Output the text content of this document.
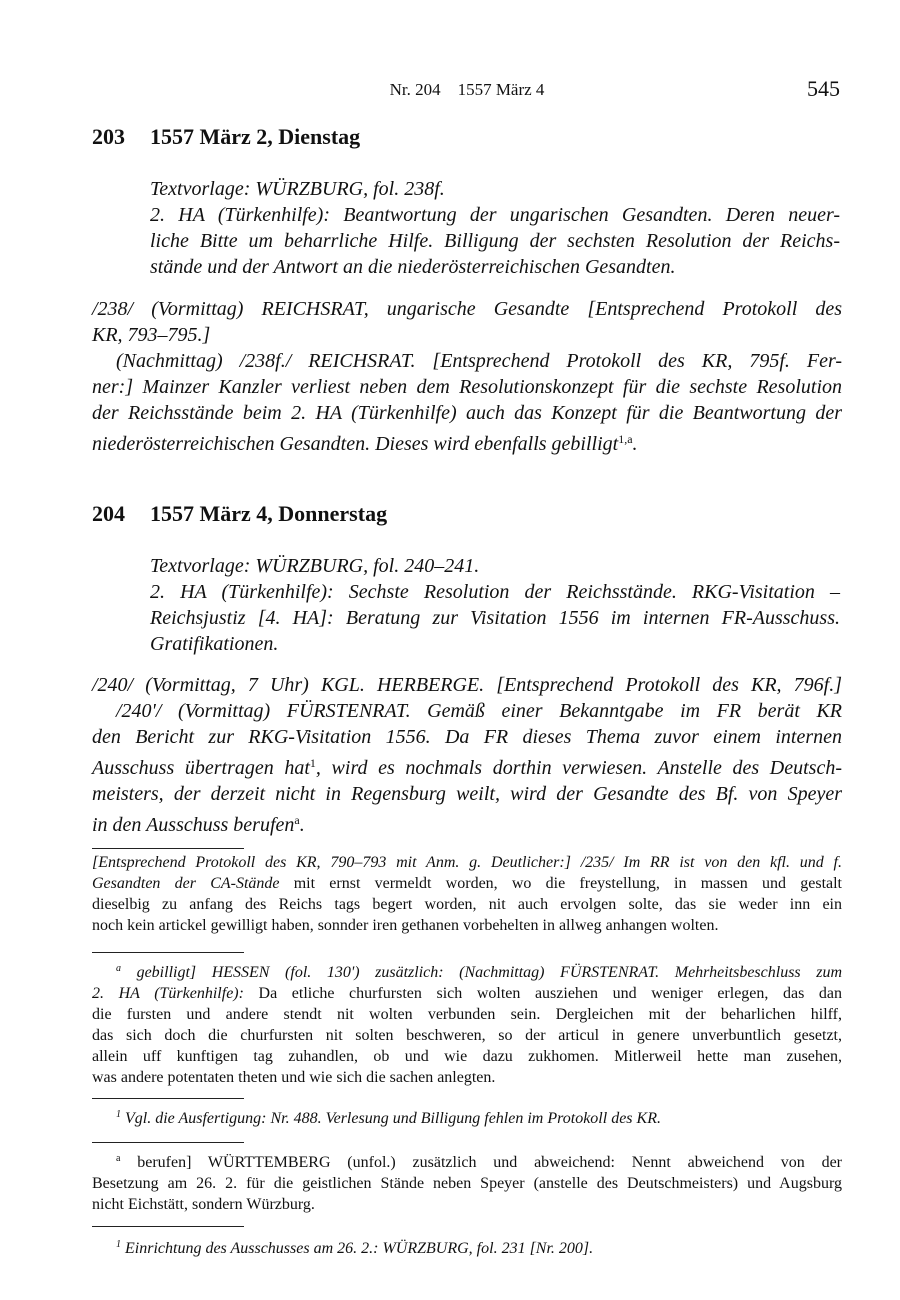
Nr. 204    1557 März 4	545
203 1557 März 2, Dienstag
Textvorlage: WÜRZBURG, fol. 238f.
2. HA (Türkenhilfe): Beantwortung der ungarischen Gesandten. Deren neuer-
liche Bitte um beharrliche Hilfe. Billigung der sechsten Resolution der Reichs-
stände und der Antwort an die niederösterreichischen Gesandten.
/238/ (Vormittag) REICHSRAT, ungarische Gesandte [Entsprechend Protokoll des
KR, 793–795.]
(Nachmittag) /238f./ REICHSRAT. [Entsprechend Protokoll des KR, 795f. Fer-
ner:] Mainzer Kanzler verliest neben dem Resolutionskonzept für die sechste Resolution
der Reichsstände beim 2. HA (Türkenhilfe) auch das Konzept für die Beantwortung der
niederösterreichischen Gesandten. Dieses wird ebenfalls gebilligt$^{1,a}$.
204 1557 März 4, Donnerstag
Textvorlage: WÜRZBURG, fol. 240–241.
2. HA (Türkenhilfe): Sechste Resolution der Reichsstände. RKG-Visitation –
Reichsjustiz [4. HA]: Beratung zur Visitation 1556 im internen FR-Ausschuss.
Gratifikationen.
/240/ (Vormittag, 7 Uhr) KGL. HERBERGE. [Entsprechend Protokoll des KR, 796f.]
/240'/ (Vormittag) FÜRSTENRAT. Gemäß einer Bekanntgabe im FR berät KR
den Bericht zur RKG-Visitation 1556. Da FR dieses Thema zuvor einem internen
Ausschuss übertragen hat$^1$, wird es nochmals dorthin verwiesen. Anstelle des Deutsch-
meisters, der derzeit nicht in Regensburg weilt, wird der Gesandte des Bf. von Speyer
in den Ausschuss berufen$^a$.
[Entsprechend Protokoll des KR, 790–793 mit Anm. g. Deutlicher:] /235/ Im RR ist von den kfl. und f.
Gesandten der CA-Stände mit ernst vermeldt worden, wo die freystellung, in massen und gestalt
dieselbig zu anfang des Reichs tags begert worden, nit auch ervolgen solte, das sie weder inn ein
noch kein artickel gewilligt haben, sonnder iren gethanen vorbehelten in allweg anhangen wolten.
$^a$ gebilligt] HESSEN (fol. 130') zusätzlich: (Nachmittag) FÜRSTENRAT. Mehrheitsbeschluss zum
2. HA (Türkenhilfe): Da etliche churfursten sich wolten ausziehen und weniger erlegen, das dan
die fursten und andere stendt nit wolten verbunden sein. Dergleichen mit der beharlichen hilff,
das sich doch die churfursten nit solten beschweren, so der articul in genere unverbuntlich gesetzt,
allein uff kunftigen tag zuhandlen, ob und wie dazu zukhomen. Mitlerweil hette man zusehen,
was andere potentaten theten und wie sich die sachen anlegten.
$^1$ Vgl. die Ausfertigung: Nr. 488. Verlesung und Billigung fehlen im Protokoll des KR.
$^a$ berufen] WÜRTTEMBERG (unfol.) zusätzlich und abweichend: Nennt abweichend von der
Besetzung am 26. 2. für die geistlichen Stände neben Speyer (anstelle des Deutschmeisters) und Augsburg
nicht Eichstätt, sondern Würzburg.
$^1$ Einrichtung des Ausschusses am 26. 2.: WÜRZBURG, fol. 231 [Nr. 200].
